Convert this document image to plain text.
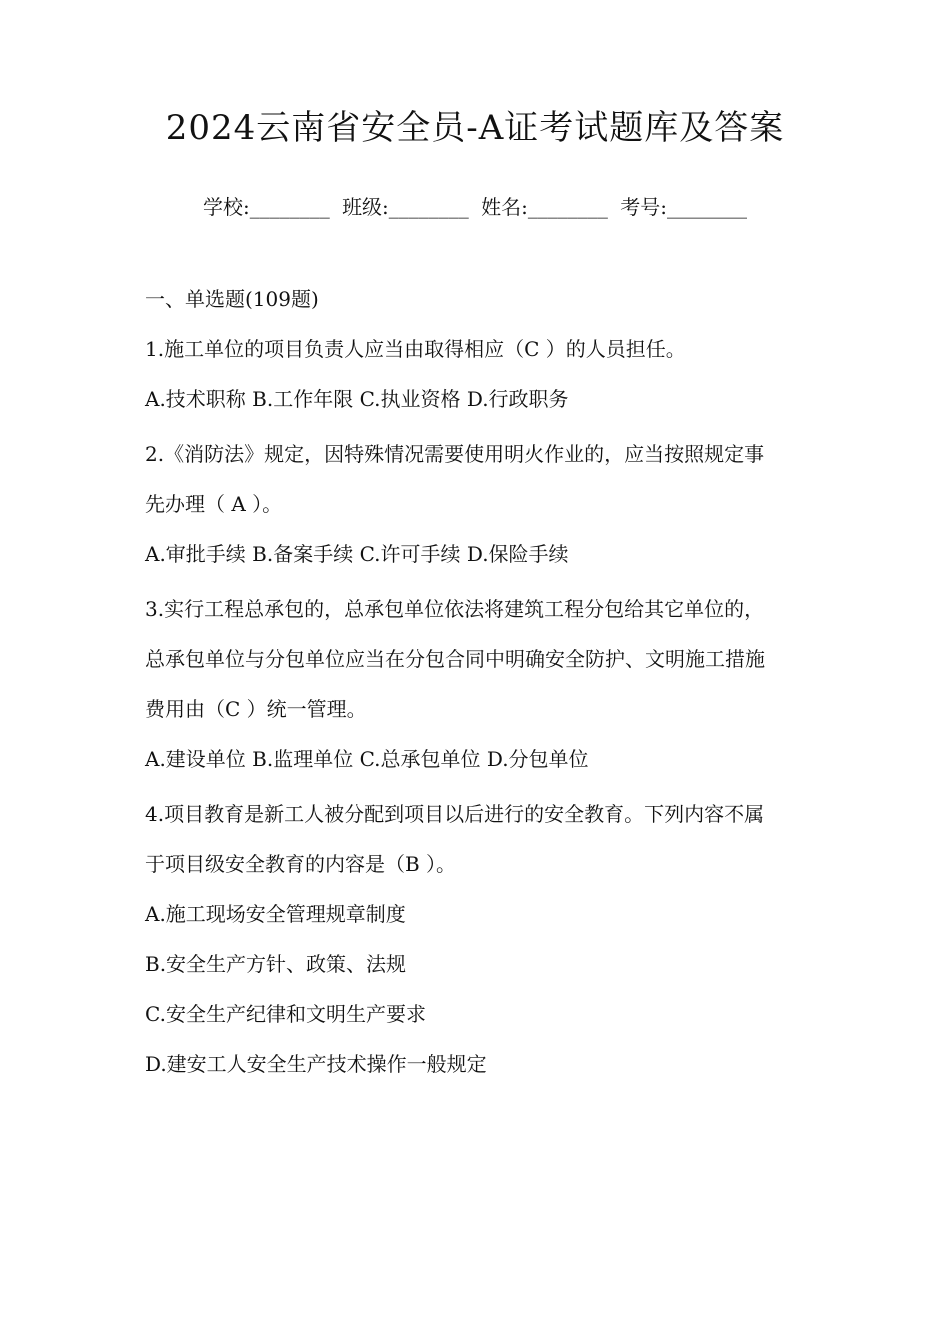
2024云南省安全员-A证考试题库及答案
学校:________ 班级:________ 姓名:________ 考号:________
一、单选题(109题)
1.施工单位的项目负责人应当由取得相应（C ）的人员担任。
A.技术职称 B.工作年限 C.执业资格 D.行政职务
2.《消防法》规定，因特殊情况需要使用明火作业的，应当按照规定事
先办理（ A ）。
A.审批手续 B.备案手续 C.许可手续 D.保险手续
3.实行工程总承包的，总承包单位依法将建筑工程分包给其它单位的，
总承包单位与分包单位应当在分包合同中明确安全防护、文明施工措施
费用由（C ）统一管理。
A.建设单位 B.监理单位 C.总承包单位 D.分包单位
4.项目教育是新工人被分配到项目以后进行的安全教育。下列内容不属
于项目级安全教育的内容是（B ）。
A.施工现场安全管理规章制度
B.安全生产方针、政策、法规
C.安全生产纪律和文明生产要求
D.建安工人安全生产技术操作一般规定
